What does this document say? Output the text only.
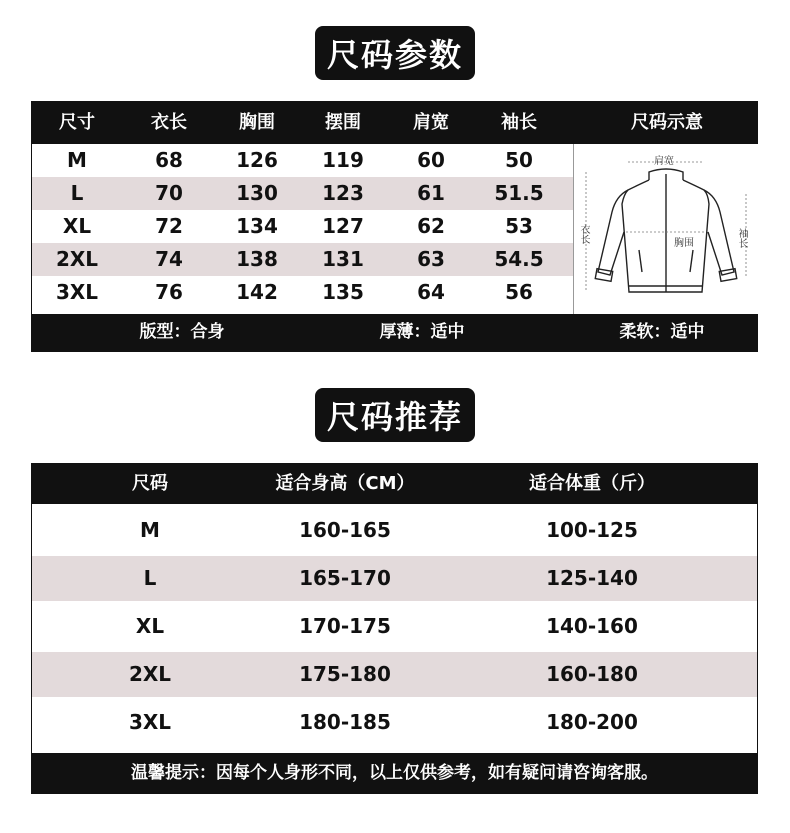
尺码参数
尺寸	衣长	胸围	摆围	肩宽	袖长	尺码示意
M	68	126	119	60	50
L	70	130	123	61	51.5
XL	72	134	127	62	53
2XL	74	138	131	63	54.5
3XL	76	142	135	64	56
肩宽
胸围
衣长	袖长
版型：合身	厚薄：适中	柔软：适中
尺码推荐
尺码	适合身高（CM）	适合体重（斤）
M	160-165	100-125
L	165-170	125-140
XL	170-175	140-160
2XL	175-180	160-180
3XL	180-185	180-200
温馨提示：因每个人身形不同，以上仅供参考，如有疑问请咨询客服。
